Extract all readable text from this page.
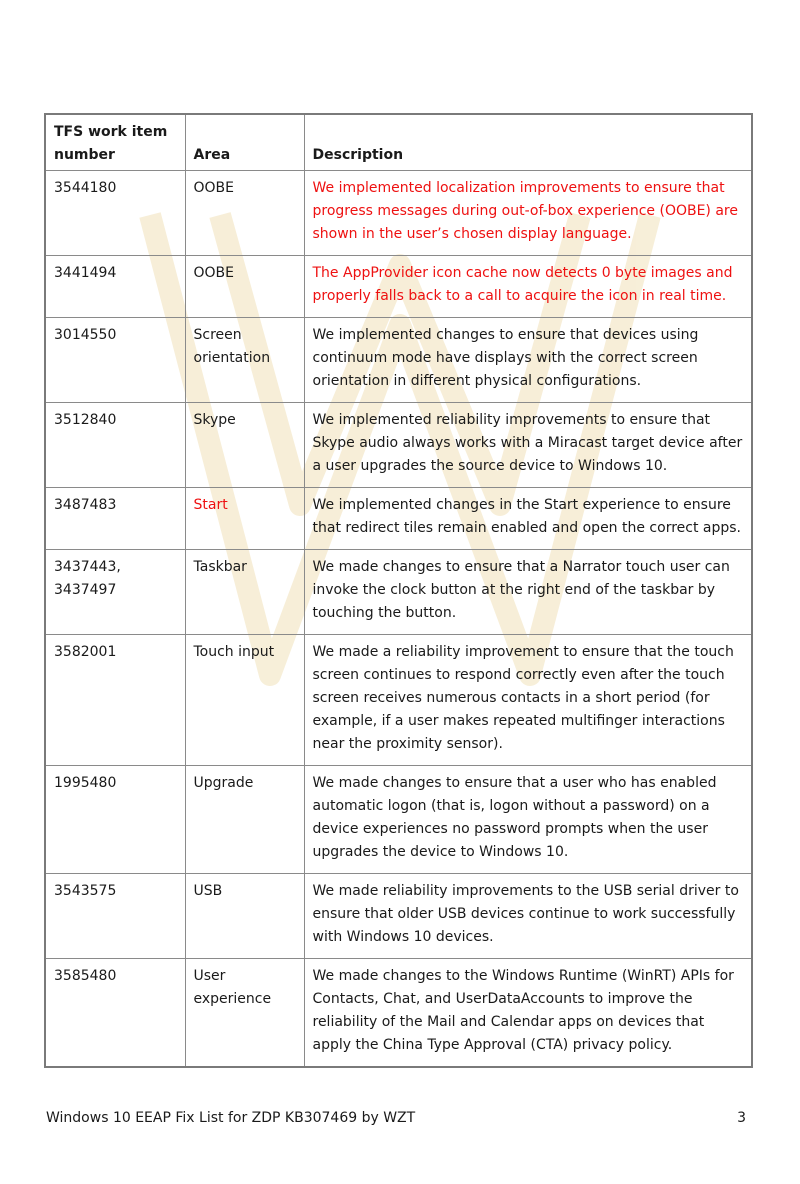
TFS work item number	Area	Description
3544180	OOBE	We implemented localization improvements to ensure that progress messages during out-of-box experience (OOBE) are shown in the user’s chosen display language.
3441494	OOBE	The AppProvider icon cache now detects 0 byte images and properly falls back to a call to acquire the icon in real time.
3014550	Screen orientation	We implemented changes to ensure that devices using continuum mode have displays with the correct screen orientation in different physical configurations.
3512840	Skype	We implemented reliability improvements to ensure that Skype audio always works with a Miracast target device after a user upgrades the source device to Windows 10.
3487483	Start	We implemented changes in the Start experience to ensure that redirect tiles remain enabled and open the correct apps.
3437443, 3437497	Taskbar	We made changes to ensure that a Narrator touch user can invoke the clock button at the right end of the taskbar by touching the button.
3582001	Touch input	We made a reliability improvement to ensure that the touch screen continues to respond correctly even after the touch screen receives numerous contacts in a short period (for example, if a user makes repeated multifinger interactions near the proximity sensor).
1995480	Upgrade	We made changes to ensure that a user who has enabled automatic logon (that is, logon without a password) on a device experiences no password prompts when the user upgrades the device to Windows 10.
3543575	USB	We made reliability improvements to the USB serial driver to ensure that older USB devices continue to work successfully with Windows 10 devices.
3585480	User experience	We made changes to the Windows Runtime (WinRT) APIs for Contacts, Chat, and UserDataAccounts to improve the reliability of the Mail and Calendar apps on devices that apply the China Type Approval (CTA) privacy policy.
Windows 10 EEAP Fix List for ZDP KB307469 by WZT	3
